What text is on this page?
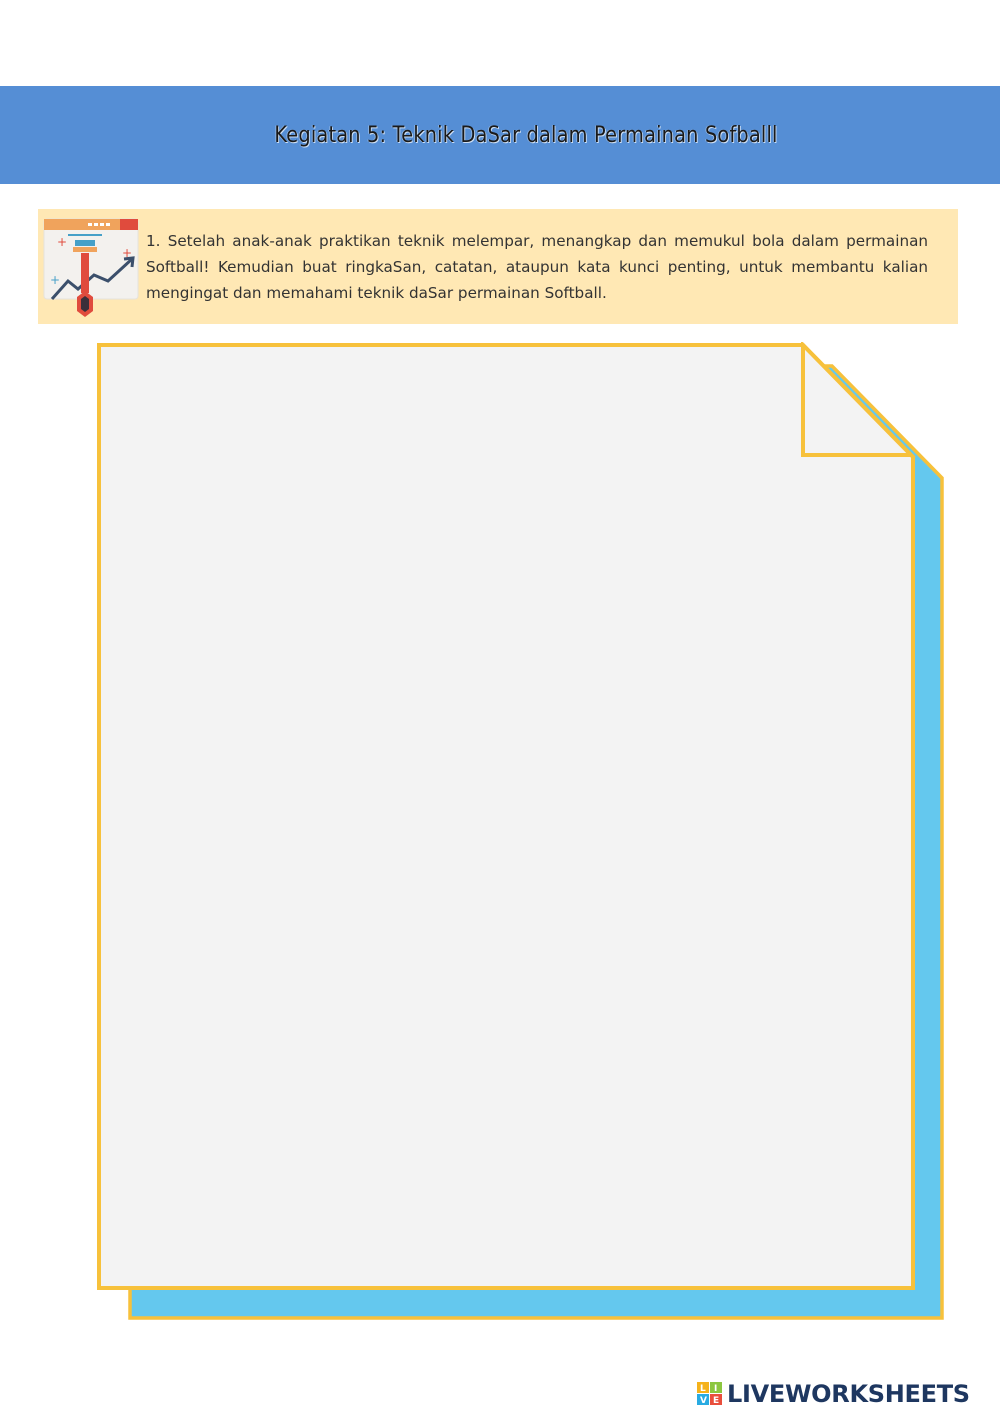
Kegiatan 5: Teknik DaSar dalam Permainan Sofballl
+
+
+
1. Setelah anak-anak praktikan teknik melempar, menangkap dan memukul bola dalam permainan Softball! Kemudian buat ringkaSan, catatan, ataupun kata kunci penting, untuk membantu kalian mengingat dan memahami teknik daSar permainan Softball.
L I
V E LIVEWORKSHEETS
